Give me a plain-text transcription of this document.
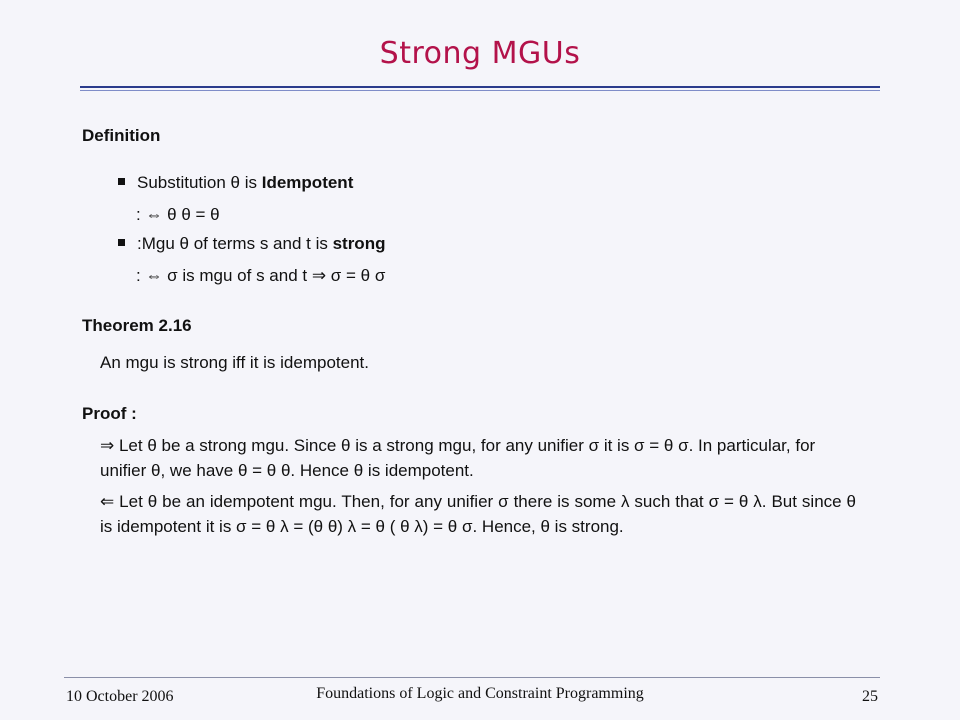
Strong MGUs
Definition
Substitution θ is Idempotent
: ⇔ θ θ = θ
:Mgu θ of terms s and t is strong
: ⇔ σ is mgu of s and t ⇒ σ = θ σ
Theorem 2.16
An mgu is strong iff it is idempotent.
Proof :
⇒ Let θ be a strong mgu. Since θ is a strong mgu, for any unifier σ it is σ = θ σ. In particular, for unifier θ, we have θ = θ θ. Hence θ is idempotent.
⇐ Let θ be an idempotent mgu. Then, for any unifier σ there is some λ such that σ = θ λ. But since θ is idempotent it is σ = θ λ = (θ θ) λ = θ ( θ λ) = θ σ. Hence, θ is strong.
10 October 2006	Foundations of Logic and Constraint Programming	25
